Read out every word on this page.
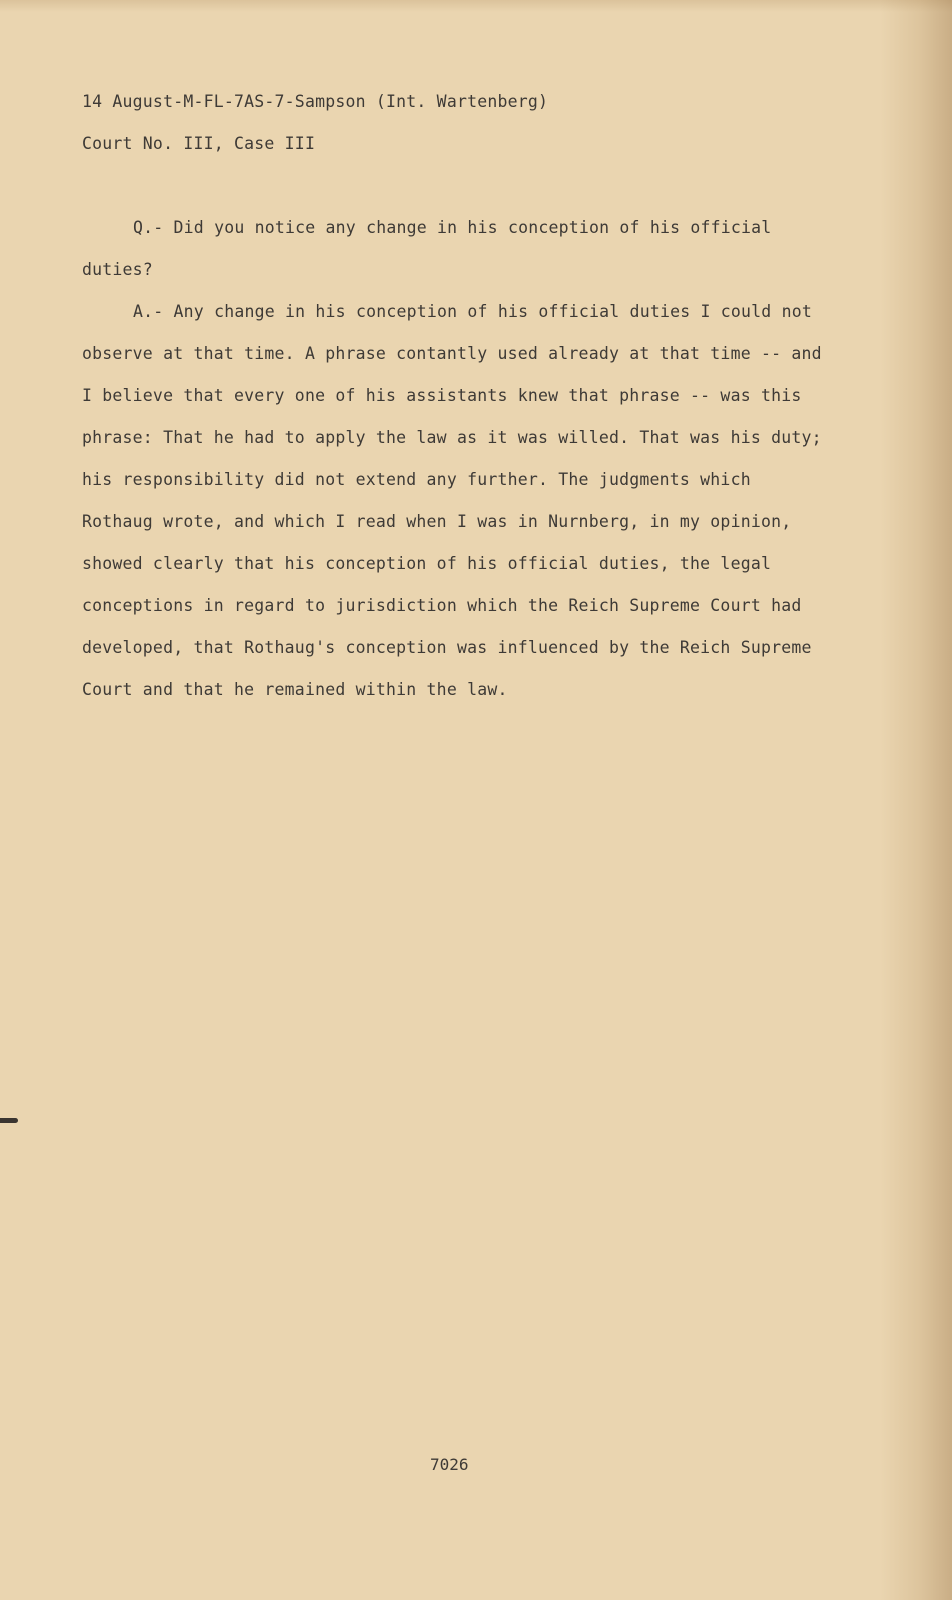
14 August-M-FL-7AS-7-Sampson (Int. Wartenberg)

Court No. III, Case III

Q.- Did you notice any change in his conception of his official

duties?

A.- Any change in his conception of his official duties I could not

observe at that time. A phrase contantly used already at that time -- and

I believe that every one of his assistants knew that phrase -- was this

phrase: That he had to apply the law as it was willed. That was his duty;

his responsibility did not extend any further. The judgments which

Rothaug wrote, and which I read when I was in Nurnberg, in my opinion,

showed clearly that his conception of his official duties, the legal

conceptions in regard to jurisdiction which the Reich Supreme Court had

developed, that Rothaug's conception was influenced by the Reich Supreme

Court and that he remained within the law.

7026
